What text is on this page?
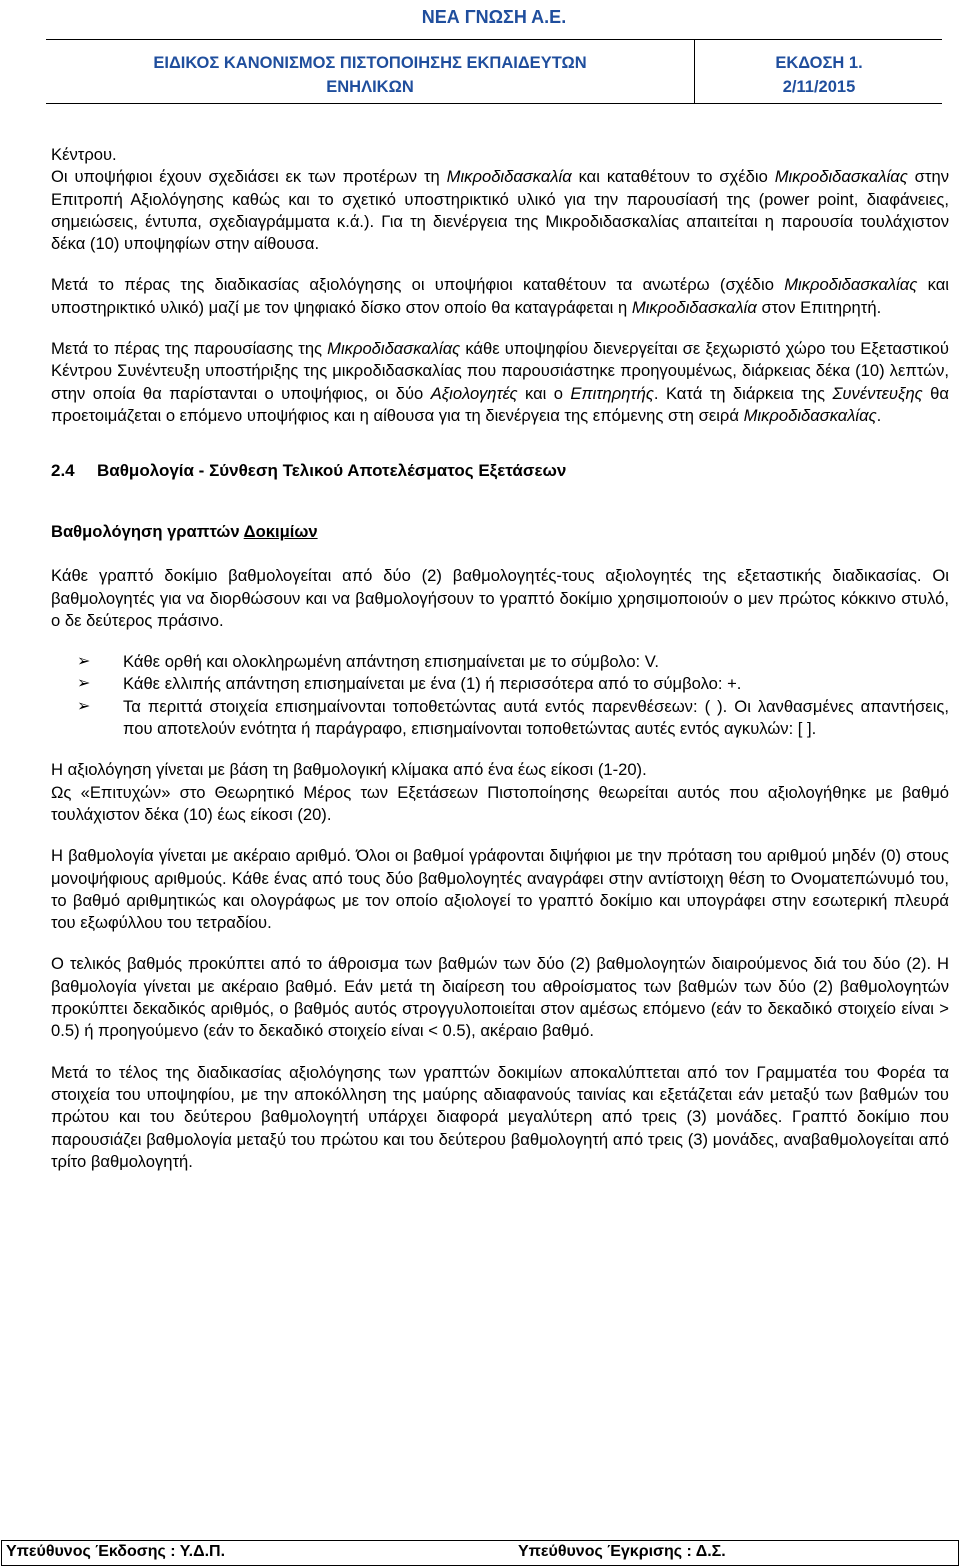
ΝΕΑ ΓΝΩΣΗ Α.Ε.
ΕΙΔΙΚΟΣ ΚΑΝΟΝΙΣΜΟΣ ΠΙΣΤΟΠΟΙΗΣΗΣ ΕΚΠΑΙΔΕΥΤΩΝ
ΕΝΗΛΙΚΩΝ
ΕΚΔΟΣΗ 1.
2/11/2015

Κέντρου.
Οι υποψήφιοι έχουν σχεδιάσει εκ των προτέρων τη Μικροδιδασκαλία και καταθέτουν το σχέδιο Μικροδιδασκαλίας στην Επιτροπή Αξιολόγησης καθώς και το σχετικό υποστηρικτικό υλικό για την παρουσίασή της (power point, διαφάνειες, σημειώσεις, έντυπα, σχεδιαγράμματα κ.ά.). Για τη διενέργεια της Μικροδιδασκαλίας απαιτείται η παρουσία τουλάχιστον δέκα (10) υποψηφίων στην αίθουσα.

Μετά το πέρας της διαδικασίας αξιολόγησης οι υποψήφιοι καταθέτουν τα ανωτέρω (σχέδιο Μικροδιδασκαλίας και υποστηρικτικό υλικό) μαζί με τον ψηφιακό δίσκο στον οποίο θα καταγράφεται η Μικροδιδασκαλία στον Επιτηρητή.

Μετά το πέρας της παρουσίασης της Μικροδιδασκαλίας κάθε υποψηφίου διενεργείται σε ξεχωριστό χώρο του Εξεταστικού Κέντρου Συνέντευξη υποστήριξης της μικροδιδασκαλίας που παρουσιάστηκε προηγουμένως, διάρκειας δέκα (10) λεπτών, στην οποία θα παρίστανται ο υποψήφιος, οι δύο Αξιολογητές και ο Επιτηρητής. Κατά τη διάρκεια της Συνέντευξης θα προετοιμάζεται ο επόμενο υποψήφιος και η αίθουσα για τη διενέργεια της επόμενης στη σειρά Μικροδιδασκαλίας.

2.4 Βαθμολογία - Σύνθεση Τελικού Αποτελέσματος Εξετάσεων
Βαθμολόγηση γραπτών Δοκιμίων

Κάθε γραπτό δοκίμιο βαθμολογείται από δύο (2) βαθμολογητές-τους αξιολογητές της εξεταστικής διαδικασίας. Οι βαθμολογητές για να διορθώσουν και να βαθμολογήσουν το γραπτό δοκίμιο χρησιμοποιούν ο μεν πρώτος κόκκινο στυλό, ο δε δεύτερος πράσινο.

➢ Κάθε ορθή και ολοκληρωμένη απάντηση επισημαίνεται με το σύμβολο: V.
➢ Κάθε ελλιπής απάντηση επισημαίνεται με ένα (1) ή περισσότερα από το σύμβολο: +.
➢ Τα περιττά στοιχεία επισημαίνονται τοποθετώντας αυτά εντός παρενθέσεων: ( ). Οι λανθασμένες απαντήσεις, που αποτελούν ενότητα ή παράγραφο, επισημαίνονται τοποθετώντας αυτές εντός αγκυλών: [ ].

Η αξιολόγηση γίνεται με βάση τη βαθμολογική κλίμακα από ένα έως είκοσι (1-20).

Ως «Επιτυχών» στο Θεωρητικό Μέρος των Εξετάσεων Πιστοποίησης θεωρείται αυτός που αξιολογήθηκε με βαθμό τουλάχιστον δέκα (10) έως είκοσι (20).

Η βαθμολογία γίνεται με ακέραιο αριθμό. Όλοι οι βαθμοί γράφονται διψήφιοι με την πρόταση του αριθμού μηδέν (0) στους μονοψήφιους αριθμούς. Κάθε ένας από τους δύο βαθμολογητές αναγράφει στην αντίστοιχη θέση το Ονοματεπώνυμό του, το βαθμό αριθμητικώς και ολογράφως με τον οποίο αξιολογεί το γραπτό δοκίμιο και υπογράφει στην εσωτερική πλευρά του εξωφύλλου του τετραδίου.

Ο τελικός βαθμός προκύπτει από το άθροισμα των βαθμών των δύο (2) βαθμολογητών διαιρούμενος διά του δύο (2). Η βαθμολογία γίνεται με ακέραιο βαθμό. Εάν μετά τη διαίρεση του αθροίσματος των βαθμών των δύο (2) βαθμολογητών προκύπτει δεκαδικός αριθμός, ο βαθμός αυτός στρογγυλοποιείται στον αμέσως επόμενο (εάν το δεκαδικό στοιχείο είναι > 0.5) ή προηγούμενο (εάν το δεκαδικό στοιχείο είναι < 0.5), ακέραιο βαθμό.

Μετά το τέλος της διαδικασίας αξιολόγησης των γραπτών δοκιμίων αποκαλύπτεται από τον Γραμματέα του Φορέα τα στοιχεία του υποψηφίου, με την αποκόλληση της μαύρης αδιαφανούς ταινίας και εξετάζεται εάν μεταξύ των βαθμών του πρώτου και του δεύτερου βαθμολογητή υπάρχει διαφορά μεγαλύτερη από τρεις (3) μονάδες. Γραπτό δοκίμιο που παρουσιάζει βαθμολογία μεταξύ του πρώτου και του δεύτερου βαθμολογητή από τρεις (3) μονάδες, αναβαθμολογείται από τρίτο βαθμολογητή.

Υπεύθυνος Έκδοσης : Υ.Δ.Π.	Υπεύθυνος Έγκρισης : Δ.Σ.
